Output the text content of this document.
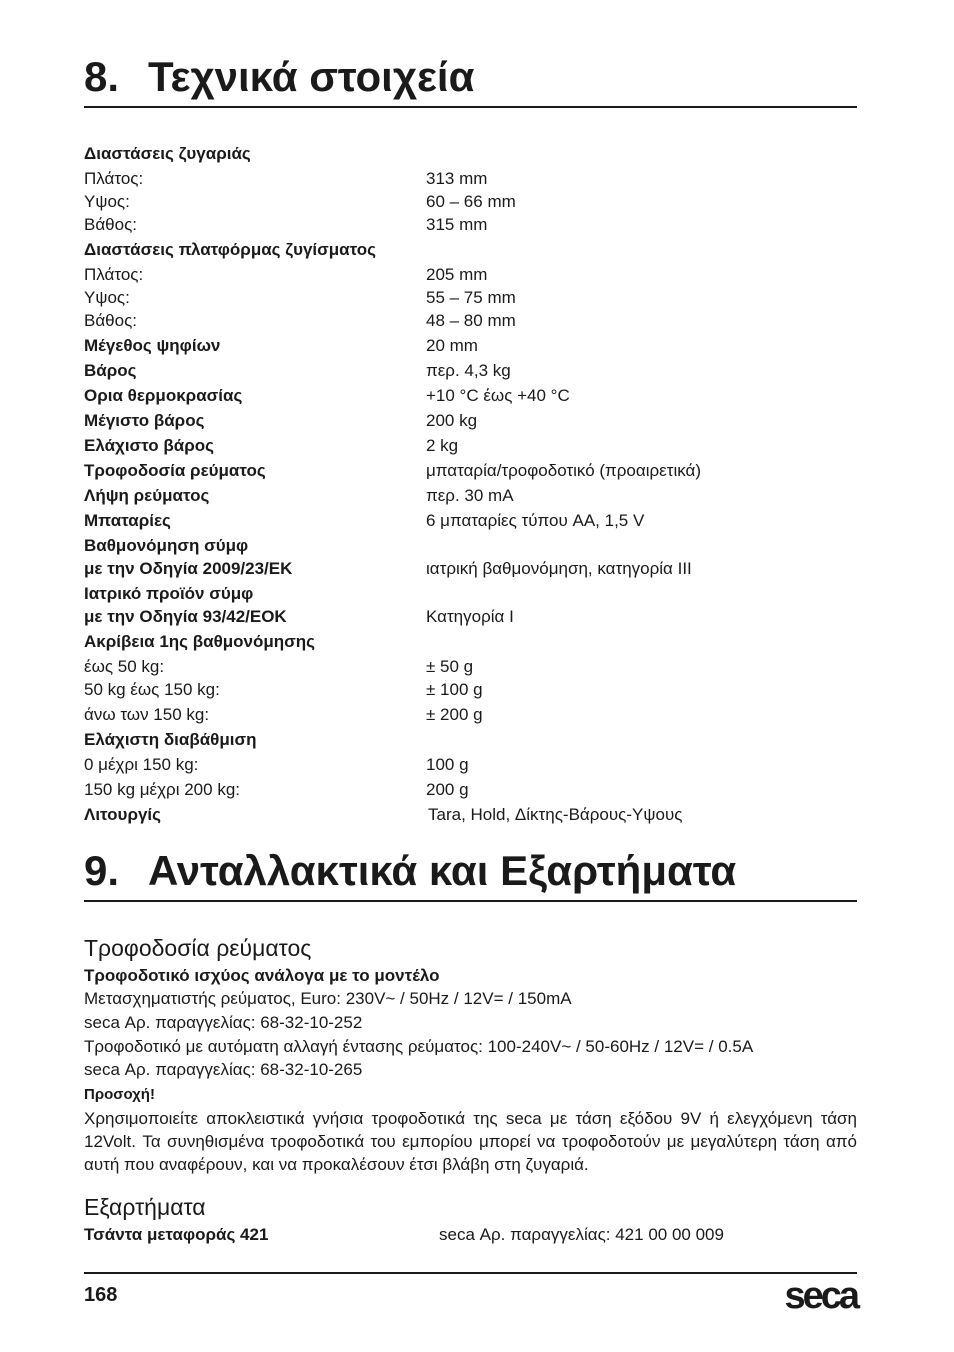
8. Τεχνικά στοιχεία
Διαστάσεις ζυγαριάς
Πλάτος:	313 mm
Υψος:	60 – 66 mm
Βάθος:	315 mm
Διαστάσεις πλατφόρμας ζυγίσματος
Πλάτος:	205 mm
Υψος:	55 – 75 mm
Βάθος:	48 – 80 mm
Μέγεθος ψηφίων	20 mm
Βάρος	περ. 4,3 kg
Ορια θερμοκρασίας	+10 °C έως +40 °C
Μέγιστο βάρος	200 kg
Ελάχιστο βάρος	2 kg
Τροφοδοσία ρεύματος	μπαταρία/τροφοδοτικό (προαιρετικά)
Λήψη ρεύματος	περ. 30 mA
Μπαταρίες	6 μπαταρίες τύπου AA, 1,5 V
Βαθμονόμηση σύμφ
με την Οδηγία 2009/23/ΕΚ	ιατρική βαθμονόμηση, κατηγορία III
Ιατρικό προϊόν σύμφ
με την Οδηγία 93/42/ΕΟΚ	Κατηγορία I
Ακρίβεια 1ης βαθμονόμησης
έως 50 kg:	± 50 g
50 kg έως 150 kg:	± 100 g
άνω των 150 kg:	± 200 g
Ελάχιστη διαβάθμιση
0 μέχρι 150 kg:	100 g
150 kg μέχρι 200 kg:	200 g
Λιτουργίς	Tara, Hold, Δίκτης-Βάρους-Υψους
9. Ανταλλακτικά και Εξαρτήματα
Τροφοδοσία ρεύματος
Τροφοδοτικό ισχύος ανάλογα με το μοντέλο
Μετασχηματιστής ρεύματος, Euro: 230V~ / 50Hz / 12V= / 150mA
seca Αρ. παραγγελίας: 68-32-10-252
Τροφοδοτικό με αυτόματη αλλαγή έντασης ρεύματος: 100-240V~ / 50-60Hz / 12V= / 0.5A
seca Αρ. παραγγελίας: 68-32-10-265
Προσοχή!
Χρησιμοποιείτε αποκλειστικά γνήσια τροφοδοτικά της seca με τάση εξόδου 9V ή ελεγχόμενη τάση 12Volt. Τα συνηθισμένα τροφοδοτικά του εμπορίου μπορεί να τροφοδοτούν με μεγαλύτερη τάση από αυτή που αναφέρουν, και να προκαλέσουν έτσι βλάβη στη ζυγαριά.
Εξαρτήματα
Τσάντα μεταφοράς 421	seca Αρ. παραγγελίας: 421 00 00 009
168	seca
